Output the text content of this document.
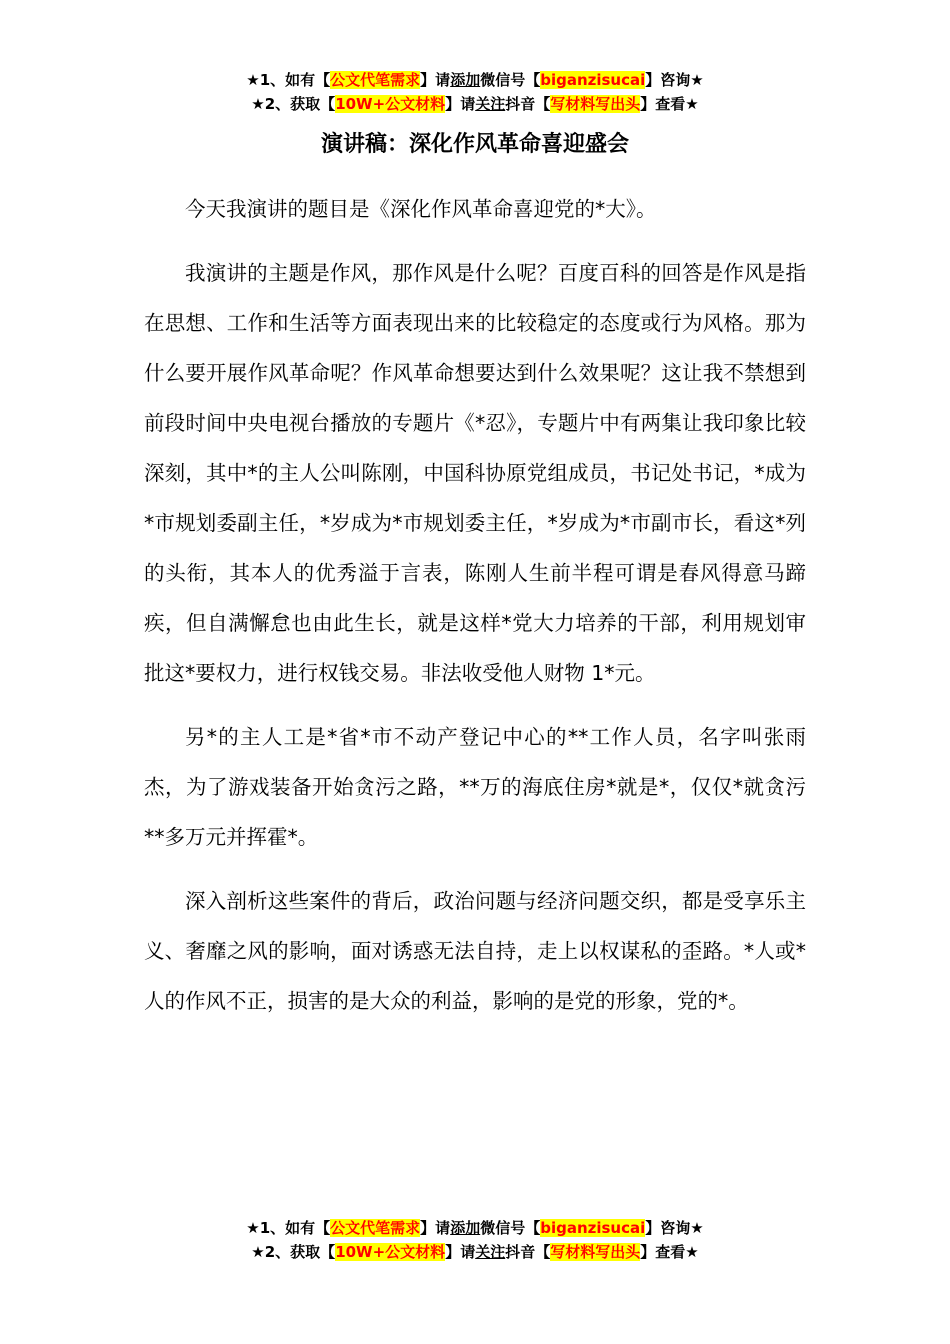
★1、如有【公文代笔需求】请添加微信号【biganzisucai】咨询★
★2、获取【10W+公文材料】请关注抖音【写材料写出头】查看★
演讲稿：深化作风革命喜迎盛会

今天我演讲的题目是《深化作风革命喜迎党的*大》。

我演讲的主题是作风，那作风是什么呢？百度百科的回答是作风是指在思想、工作和生活等方面表现出来的比较稳定的态度或行为风格。那为什么要开展作风革命呢？作风革命想要达到什么效果呢？这让我不禁想到前段时间中央电视台播放的专题片《*忍》，专题片中有两集让我印象比较深刻，其中*的主人公叫陈刚，中国科协原党组成员，书记处书记，*成为*市规划委副主任，*岁成为*市规划委主任，*岁成为*市副市长，看这*列的头衔，其本人的优秀溢于言表，陈刚人生前半程可谓是春风得意马蹄疾，但自满懈怠也由此生长，就是这样*党大力培养的干部，利用规划审批这*要权力，进行权钱交易。非法收受他人财物 1*元。

另*的主人工是*省*市不动产登记中心的**工作人员，名字叫张雨杰，为了游戏装备开始贪污之路，**万的海底住房*就是*，仅仅*就贪污**多万元并挥霍*。

深入剖析这些案件的背后，政治问题与经济问题交织，都是受享乐主义、奢靡之风的影响，面对诱惑无法自持，走上以权谋私的歪路。*人或*人的作风不正，损害的是大众的利益，影响的是党的形象，党的*。

★1、如有【公文代笔需求】请添加微信号【biganzisucai】咨询★
★2、获取【10W+公文材料】请关注抖音【写材料写出头】查看★
